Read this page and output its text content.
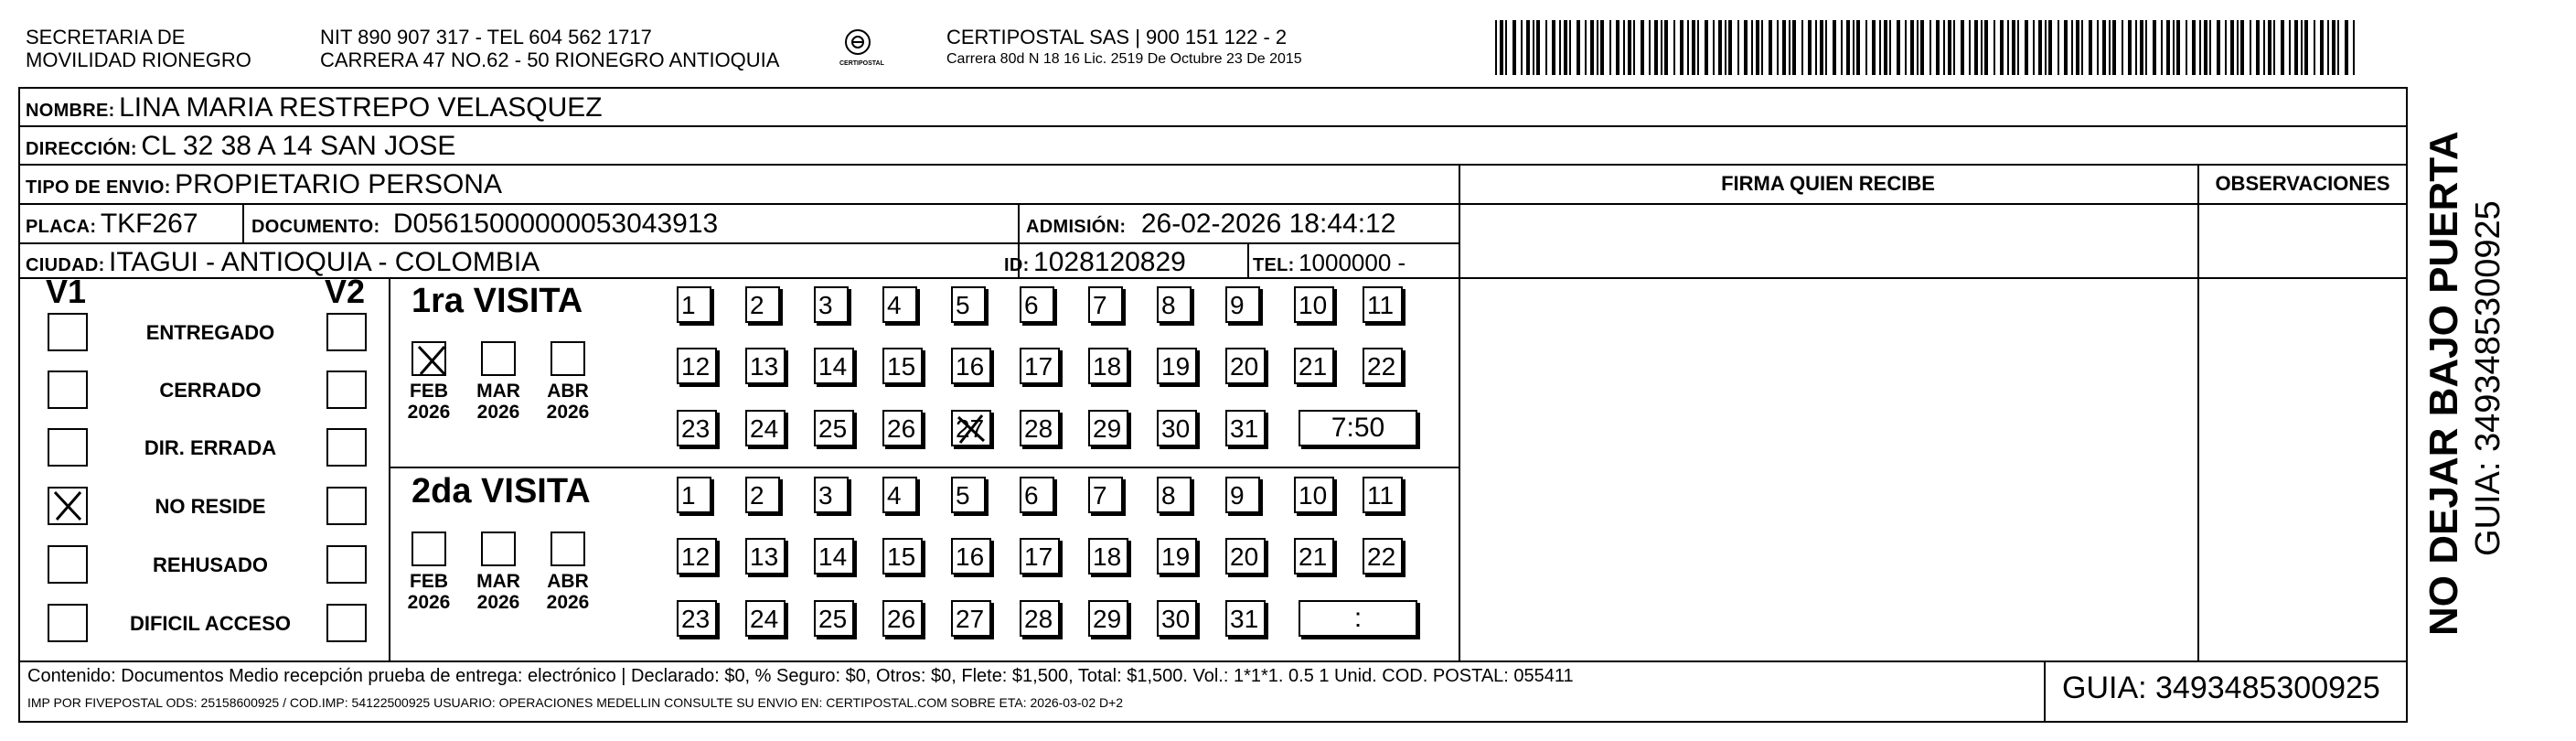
SECRETARIA DE
MOVILIDAD RIONEGRO
NIT 890 907 317 - TEL 604 562 1717
CARRERA 47 NO.62 - 50 RIONEGRO ANTIOQUIA	CERTIPOSTAL
CERTIPOSTAL SAS | 900 151 122 - 2
Carrera 80d N 18 16 Lic. 2519 De Octubre 23 De 2015
NOMBRE: LINA MARIA RESTREPO VELASQUEZ
DIRECCIÓN: CL 32 38 A 14 SAN JOSE
TIPO DE ENVIO: PROPIETARIO PERSONA
PLACA: TKF267	DOCUMENTO: D05615000000053043913	ADMISIÓN: 26-02-2026 18:44:12
CIUDAD: ITAGUI - ANTIOQUIA - COLOMBIA	ID: 1028120829	TEL: 1000000 -
FIRMA QUIEN RECIBE	OBSERVACIONES
V1	V2
ENTREGADO
CERRADO
DIR. ERRADA
NO RESIDE
REHUSADO
DIFICIL ACCESO
1ra VISITA
2da VISITA
FEB
2026
MAR
2026
ABR
2026
1	2	3	4	5	6	7	8	9	10 11
12 13 14 15 16 17 18 19 20 21 22
23 24 25 26 27 28 29 30 31	7:50
FEB
2026
MAR
2026
ABR
2026
1	2	3	4	5	6	7	8	9	10 11
12 13 14 15 16 17 18 19 20 21 22
23 24 25 26 27 28 29 30 31	:
Contenido: Documentos Medio recepción prueba de entrega: electrónico | Declarado: $0, % Seguro: $0, Otros: $0, Flete: $1,500, Total: $1,500. Vol.: 1*1*1. 0.5 1 Unid. COD. POSTAL: 055411
IMP POR FIVEPOSTAL ODS: 25158600925 / COD.IMP: 54122500925 USUARIO: OPERACIONES MEDELLIN CONSULTE SU ENVIO EN: CERTIPOSTAL.COM SOBRE ETA: 2026-03-02 D+2	GUIA: 3493485300925
NO DEJAR BAJO PUERTA GUIA: 3493485300925
